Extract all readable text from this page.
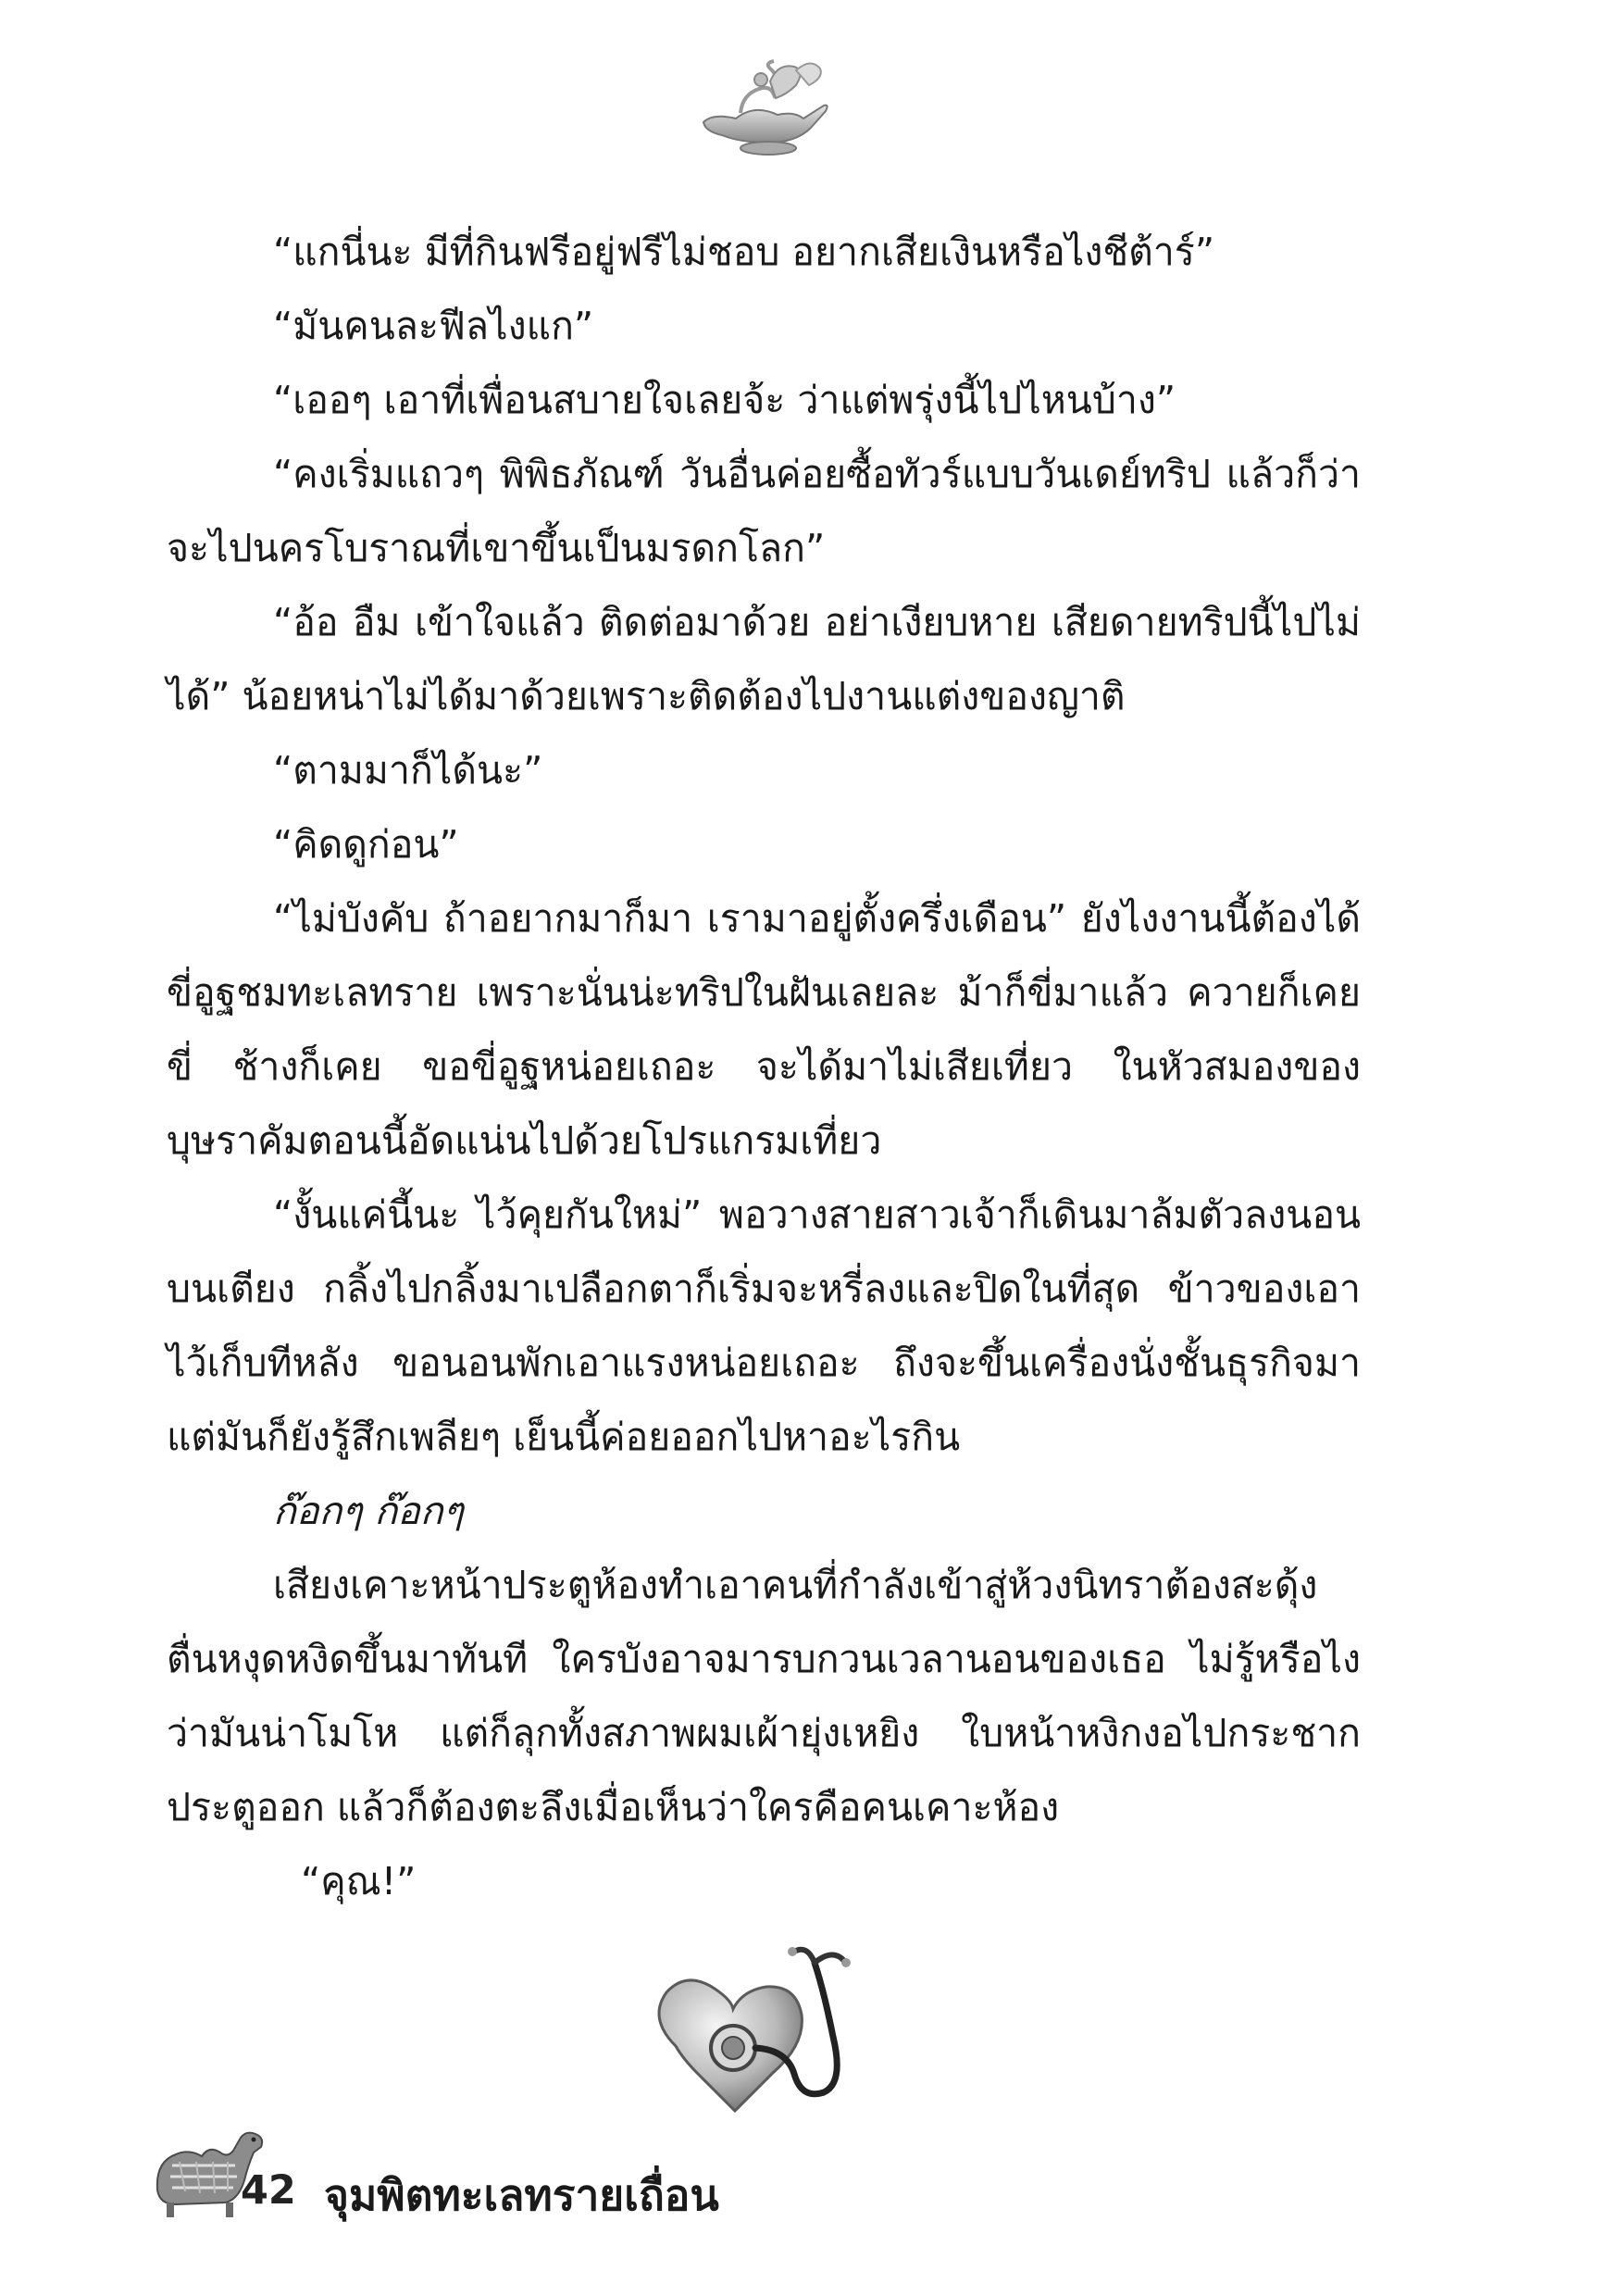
“แกนี่นะ มีที่กินฟรีอยู่ฟรีไม่ชอบ อยากเสียเงินหรือไงชีต้าร์”

“มันคนละฟีลไงแก”

“เออๆ เอาที่เพื่อนสบายใจเลยจ้ะ ว่าแต่พรุ่งนี้ไปไหนบ้าง”

“คงเริ่มแถวๆ พิพิธภัณฑ์ วันอื่นค่อยซื้อทัวร์แบบวันเดย์ทริป แล้วก็ว่าจะไปนครโบราณที่เขาขึ้นเป็นมรดกโลก”

“อ้อ อืม เข้าใจแล้ว ติดต่อมาด้วย อย่าเงียบหาย เสียดายทริปนี้ไปไม่ได้” น้อยหน่าไม่ได้มาด้วยเพราะติดต้องไปงานแต่งของญาติ

“ตามมาก็ได้นะ”

“คิดดูก่อน”

“ไม่บังคับ ถ้าอยากมาก็มา เรามาอยู่ตั้งครึ่งเดือน” ยังไงงานนี้ต้องได้ขี่อูฐชมทะเลทราย เพราะนั่นน่ะทริปในฝันเลยละ ม้าก็ขี่มาแล้ว ควายก็เคยขี่ ช้างก็เคย ขอขี่อูฐหน่อยเถอะ จะได้มาไม่เสียเที่ยว ในหัวสมองของบุษราคัมตอนนี้อัดแน่นไปด้วยโปรแกรมเที่ยว

“งั้นแค่นี้นะ ไว้คุยกันใหม่” พอวางสายสาวเจ้าก็เดินมาล้มตัวลงนอนบนเตียง กลิ้งไปกลิ้งมาเปลือกตาก็เริ่มจะหรี่ลงและปิดในที่สุด ข้าวของเอาไว้เก็บทีหลัง ขอนอนพักเอาแรงหน่อยเถอะ ถึงจะขึ้นเครื่องนั่งชั้นธุรกิจมาแต่มันก็ยังรู้สึกเพลียๆ เย็นนี้ค่อยออกไปหาอะไรกิน

ก๊อกๆ ก๊อกๆ

เสียงเคาะหน้าประตูห้องทำเอาคนที่กำลังเข้าสู่ห้วงนิทราต้องสะดุ้งตื่นหงุดหงิดขึ้นมาทันที ใครบังอาจมารบกวนเวลานอนของเธอ ไม่รู้หรือไงว่ามันน่าโมโห แต่ก็ลุกทั้งสภาพผมเผ้ายุ่งเหยิง ใบหน้าหงิกงอไปกระชากประตูออก แล้วก็ต้องตะลึงเมื่อเห็นว่าใครคือคนเคาะห้อง

“คุณ!”

42 จุมพิตทะเลทรายเถื่อน
